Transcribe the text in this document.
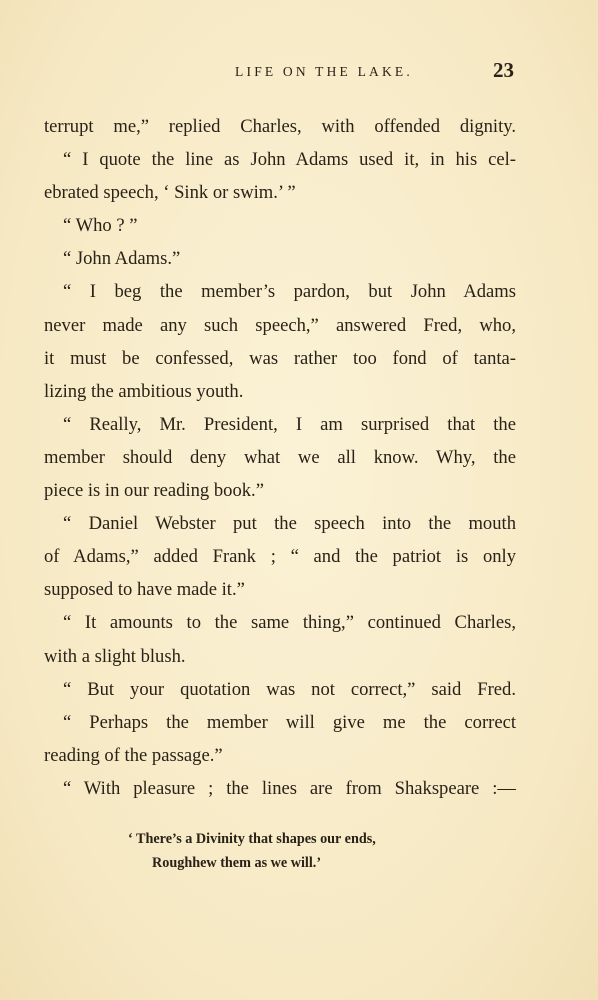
LIFE ON THE LAKE.	23
terrupt me,” replied Charles, with offended dignity.
“ I quote the line as John Adams used it, in his cel-
ebrated speech, ‘ Sink or swim.’ ”
“ Who ? ”
“ John Adams.”
“ I beg the member’s pardon, but John Adams
never made any such speech,” answered Fred, who,
it must be confessed, was rather too fond of tanta-
lizing the ambitious youth.
“ Really, Mr. President, I am surprised that the
member should deny what we all know. Why, the
piece is in our reading book.”
“ Daniel Webster put the speech into the mouth
of Adams,” added Frank ; “ and the patriot is only
supposed to have made it.”
“ It amounts to the same thing,” continued Charles,
with a slight blush.
“ But your quotation was not correct,” said Fred.
“ Perhaps the member will give me the correct
reading of the passage.”
“ With pleasure ; the lines are from Shakspeare :—
‘ There’s a Divinity that shapes our ends,
Roughhew them as we will.’
